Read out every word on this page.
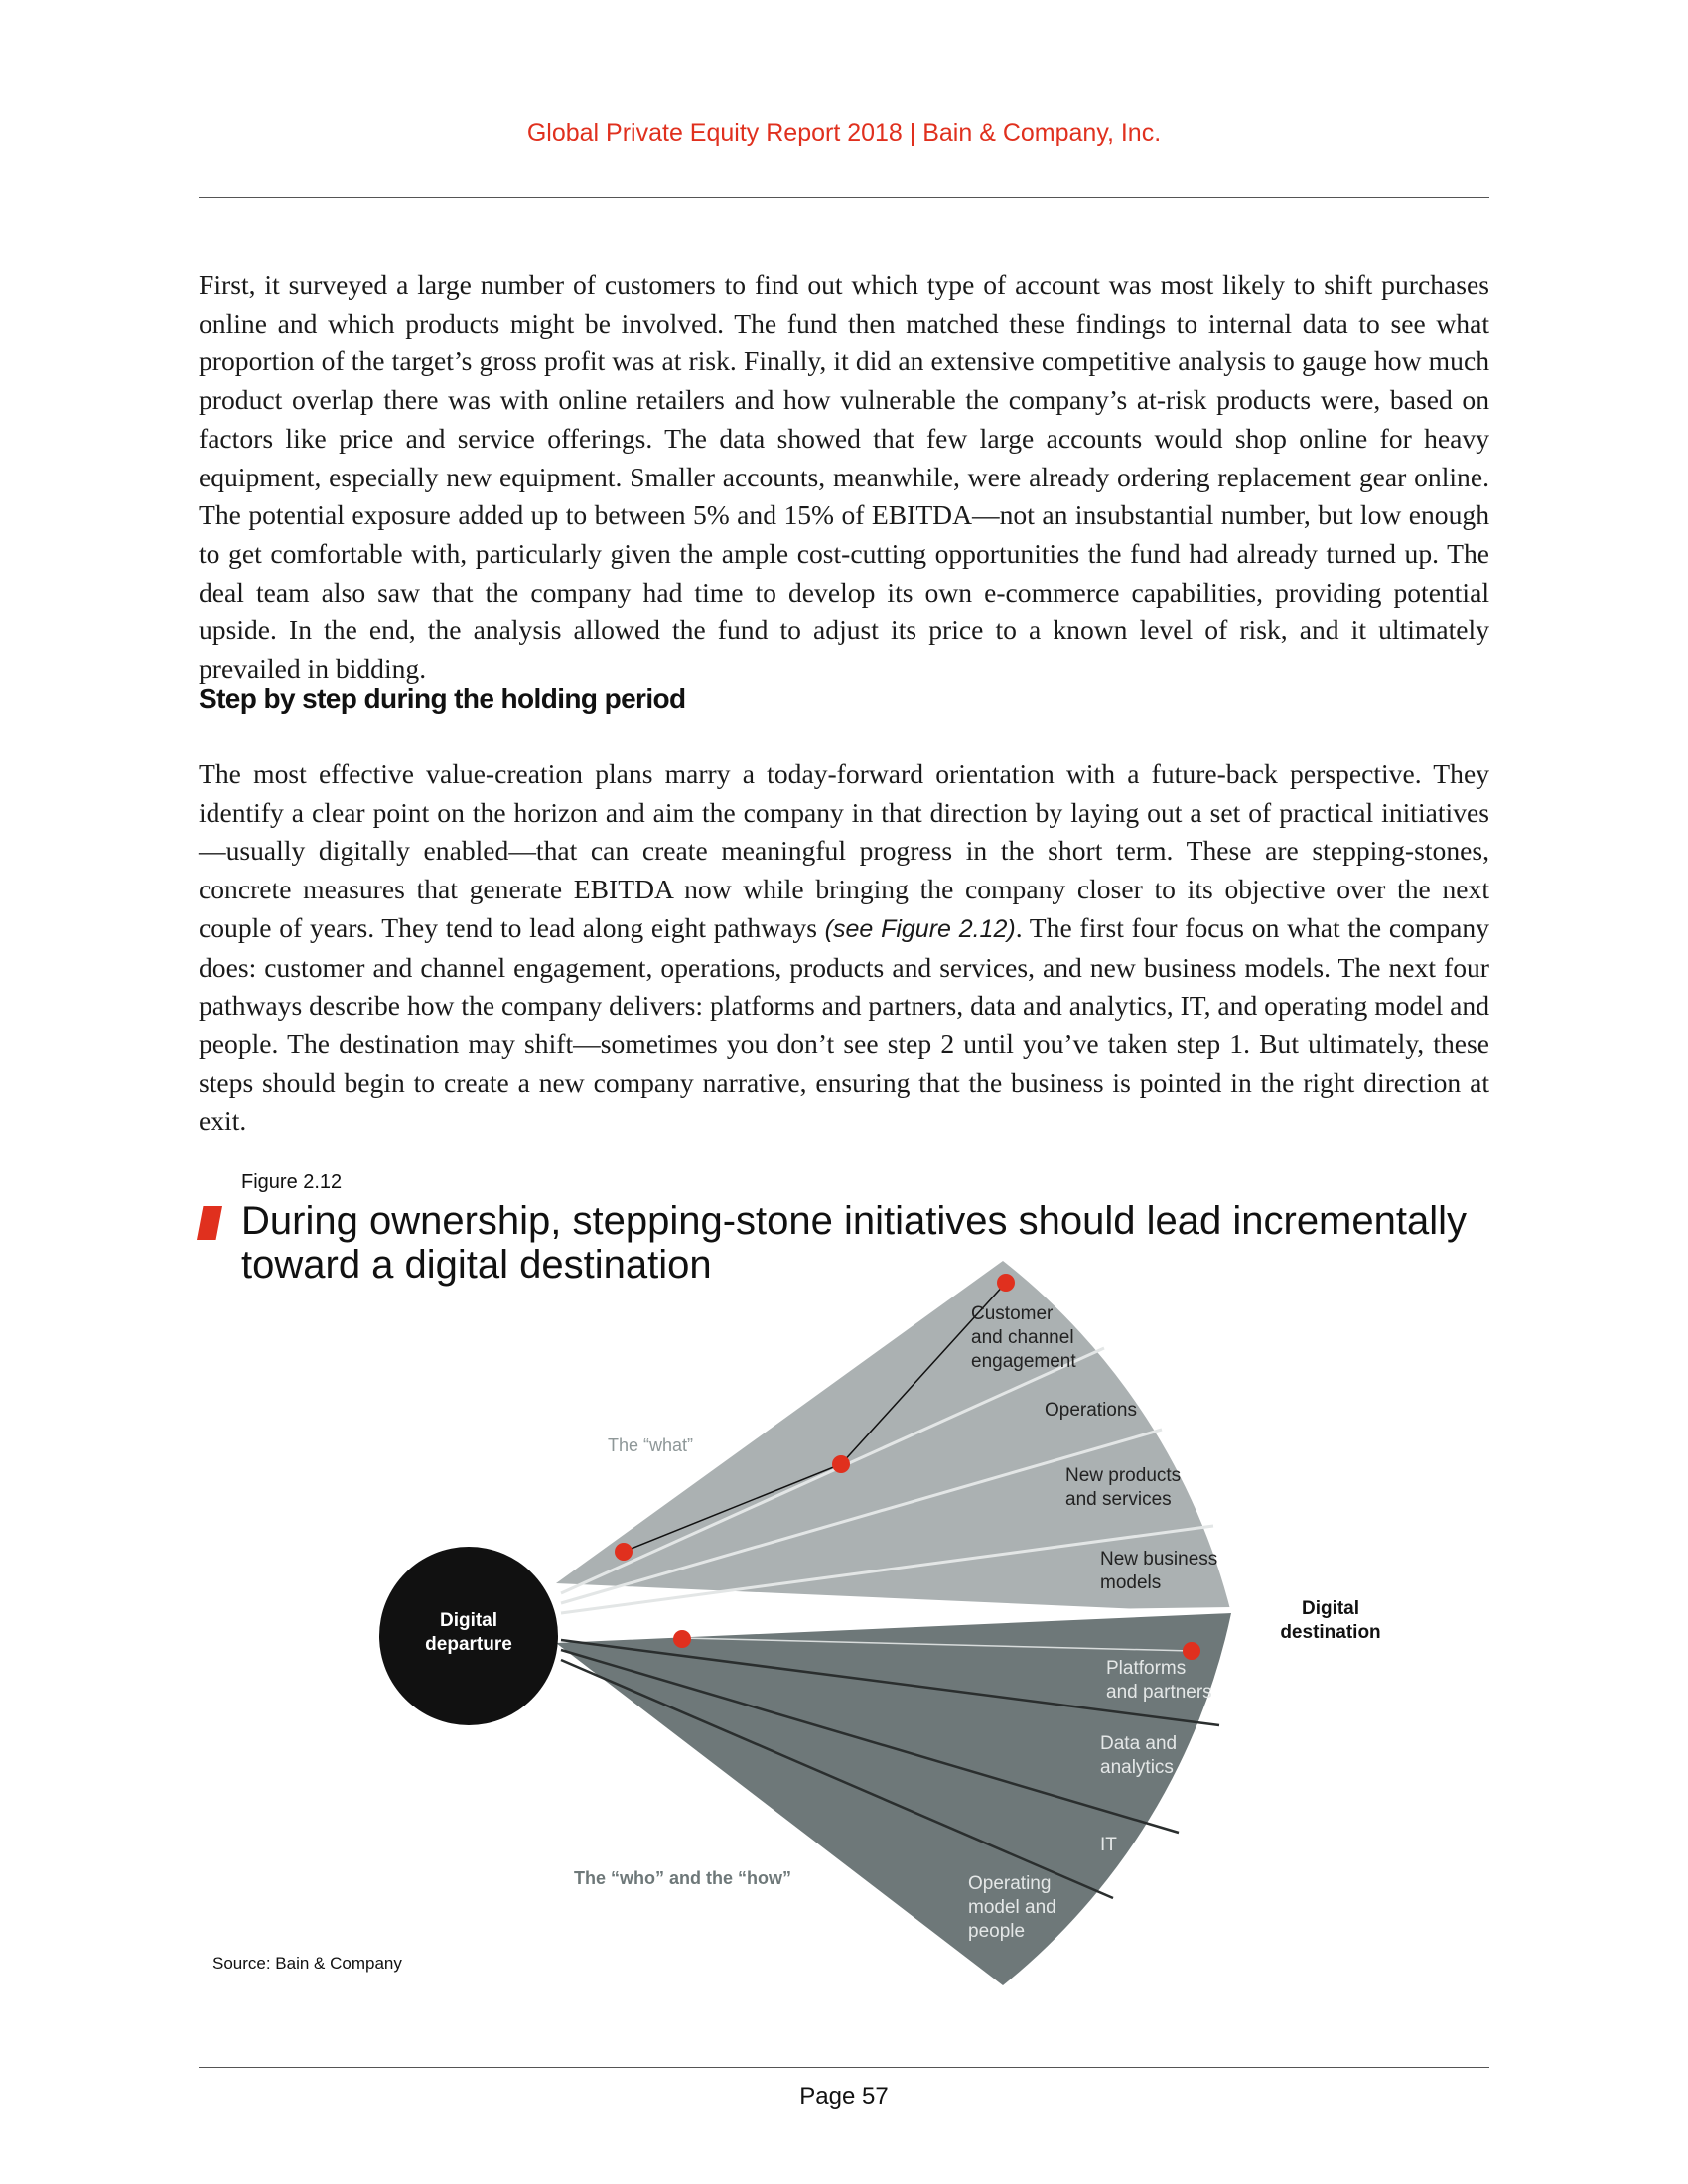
Global Private Equity Report 2018 | Bain & Company, Inc.
First, it surveyed a large number of customers to find out which type of account was most likely to shift purchases online and which products might be involved. The fund then matched these findings to internal data to see what proportion of the target’s gross profit was at risk. Finally, it did an extensive competitive analysis to gauge how much product overlap there was with online retailers and how vulnerable the company’s at-risk products were, based on factors like price and service offerings. The data showed that few large accounts would shop online for heavy equipment, especially new equipment. Smaller accounts, meanwhile, were already ordering replacement gear online. The potential exposure added up to between 5% and 15% of EBITDA—not an insubstantial number, but low enough to get comfortable with, particularly given the ample cost-cutting opportunities the fund had already turned up. The deal team also saw that the company had time to develop its own e-commerce capabilities, providing potential upside. In the end, the analysis allowed the fund to adjust its price to a known level of risk, and it ultimately prevailed in bidding.
Step by step during the holding period
The most effective value-creation plans marry a today-forward orientation with a future-back perspective. They identify a clear point on the horizon and aim the company in that direction by laying out a set of practical initiatives—usually digitally enabled—that can create meaningful progress in the short term. These are stepping-stones, concrete measures that generate EBITDA now while bringing the company closer to its objective over the next couple of years. They tend to lead along eight pathways (see Figure 2.12). The first four focus on what the company does: customer and channel engagement, operations, products and services, and new business models. The next four pathways describe how the company delivers: platforms and partners, data and analytics, IT, and operating model and people. The destination may shift—sometimes you don’t see step 2 until you’ve taken step 1. But ultimately, these steps should begin to create a new company narrative, ensuring that the business is pointed in the right direction at exit.
Figure 2.12
During ownership, stepping-stone initiatives should lead incrementally toward a digital destination
Digital
departure
Digital
destination
The “what”
The “who” and the “how”
Customer
and channel
engagement
Operations
New products
and services
New business
models
Platforms
and partners
Data and
analytics
IT
Operating
model and
people
Source: Bain & Company
Page 57
